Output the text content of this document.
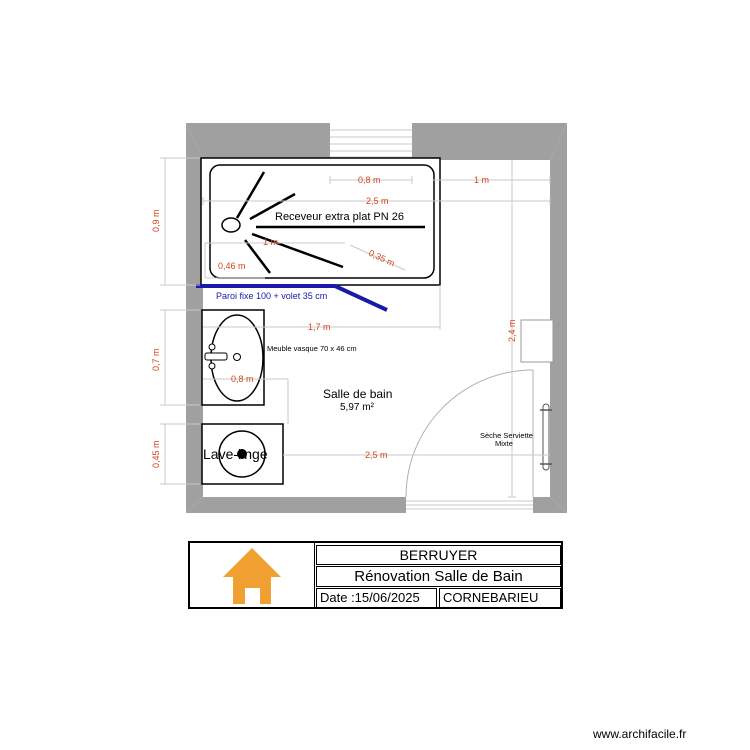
0,8 m	1 m
2,5 m
1 m
0,46 m	0,35 m
1,7 m
0,8 m
2,5 m
0,9 m
0,7 m
0,45 m
2,4 m
Receveur extra plat PN 26
Paroi fixe 100 + volet 35 cm
Meuble vasque 70 x 46 cm
Salle de bain
5,97 m²
Lave-linge
Sèche Serviette
Mixte
BERRUYER
Rénovation Salle de Bain
Date :15/06/2025	CORNEBARIEU
www.archifacile.fr
